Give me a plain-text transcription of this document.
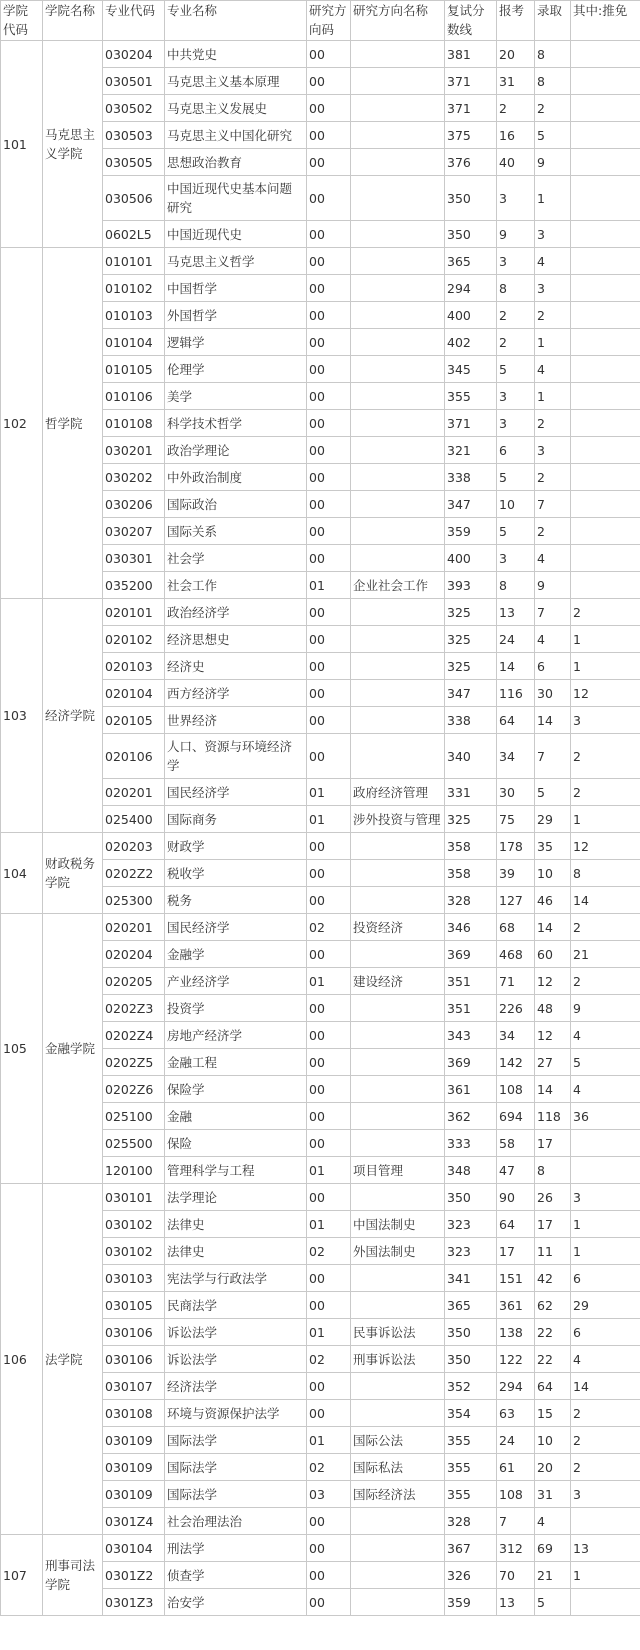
学院代码	学院名称	专业代码	专业名称	研究方向码	研究方向名称	复试分数线	报考	录取	其中:推免
101	马克思主义学院	030204	中共党史	00		381	20	8	
		030501	马克思主义基本原理	00		371	31	8	
		030502	马克思主义发展史	00		371	2	2	
		030503	马克思主义中国化研究	00		375	16	5	
		030505	思想政治教育	00		376	40	9	
		030506	中国近现代史基本问题研究	00		350	3	1	
		0602L5	中国近现代史	00		350	9	3	
102	哲学院	010101	马克思主义哲学	00		365	3	4	
		010102	中国哲学	00		294	8	3	
		010103	外国哲学	00		400	2	2	
		010104	逻辑学	00		402	2	1	
		010105	伦理学	00		345	5	4	
		010106	美学	00		355	3	1	
		010108	科学技术哲学	00		371	3	2	
		030201	政治学理论	00		321	6	3	
		030202	中外政治制度	00		338	5	2	
		030206	国际政治	00		347	10	7	
		030207	国际关系	00		359	5	2	
		030301	社会学	00		400	3	4	
		035200	社会工作	01	企业社会工作	393	8	9	
103	经济学院	020101	政治经济学	00		325	13	7	2
		020102	经济思想史	00		325	24	4	1
		020103	经济史	00		325	14	6	1
		020104	西方经济学	00		347	116	30	12
		020105	世界经济	00		338	64	14	3
		020106	人口、资源与环境经济学	00		340	34	7	2
		020201	国民经济学	01	政府经济管理	331	30	5	2
		025400	国际商务	01	涉外投资与管理	325	75	29	1
104	财政税务学院	020203	财政学	00		358	178	35	12
		0202Z2	税收学	00		358	39	10	8
		025300	税务	00		328	127	46	14
105	金融学院	020201	国民经济学	02	投资经济	346	68	14	2
		020204	金融学	00		369	468	60	21
		020205	产业经济学	01	建设经济	351	71	12	2
		0202Z3	投资学	00		351	226	48	9
		0202Z4	房地产经济学	00		343	34	12	4
		0202Z5	金融工程	00		369	142	27	5
		0202Z6	保险学	00		361	108	14	4
		025100	金融	00		362	694	118	36
		025500	保险	00		333	58	17	
		120100	管理科学与工程	01	项目管理	348	47	8	
106	法学院	030101	法学理论	00		350	90	26	3
		030102	法律史	01	中国法制史	323	64	17	1
		030102	法律史	02	外国法制史	323	17	11	1
		030103	宪法学与行政法学	00		341	151	42	6
		030105	民商法学	00		365	361	62	29
		030106	诉讼法学	01	民事诉讼法	350	138	22	6
		030106	诉讼法学	02	刑事诉讼法	350	122	22	4
		030107	经济法学	00		352	294	64	14
		030108	环境与资源保护法学	00		354	63	15	2
		030109	国际法学	01	国际公法	355	24	10	2
		030109	国际法学	02	国际私法	355	61	20	2
		030109	国际法学	03	国际经济法	355	108	31	3
		0301Z4	社会治理法治	00		328	7	4	
107	刑事司法学院	030104	刑法学	00		367	312	69	13
		0301Z2	侦查学	00		326	70	21	1
		0301Z3	治安学	00		359	13	5	
